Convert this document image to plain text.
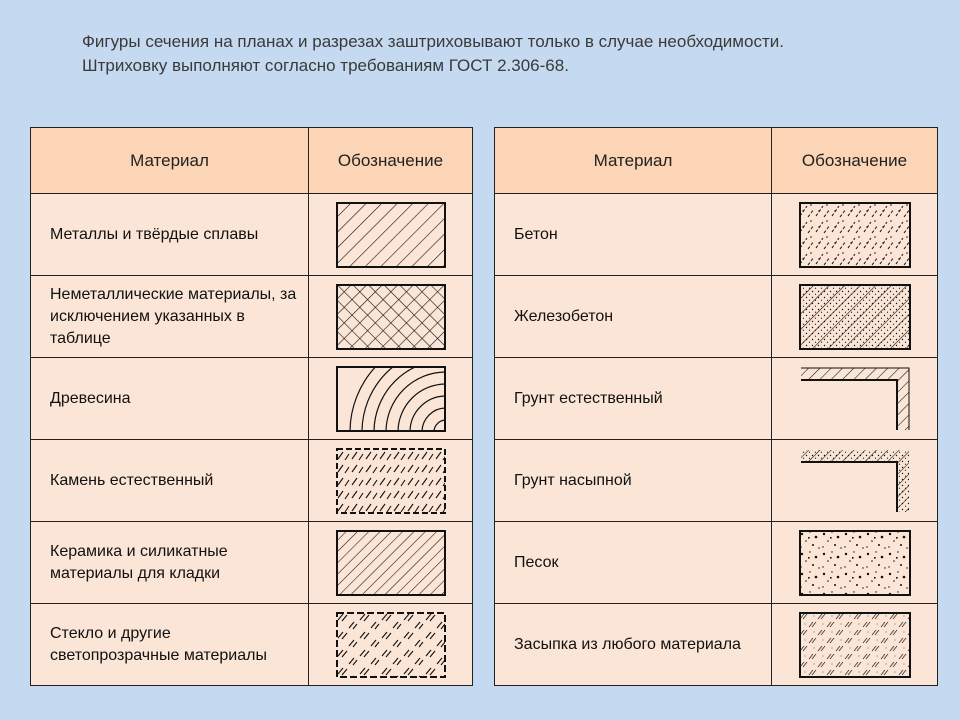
Фигуры сечения на планах и разрезах заштриховывают только в случае необходимости.
Штриховку выполняют согласно требованиям ГОСТ 2.306-68.
Материал	Обозначение
Металлы и твёрдые сплавы	

Неметаллические материалы, за исключением указанных в таблице	

Древесина	

Камень естественный	

Керамика и силикатные материалы для кладки	

Стекло и другие светопрозрачные материалы	
Материал	Обозначение
Бетон	

Железобетон	

Грунт естественный	

Грунт насыпной	

Песок	

Засыпка из любого материала	
